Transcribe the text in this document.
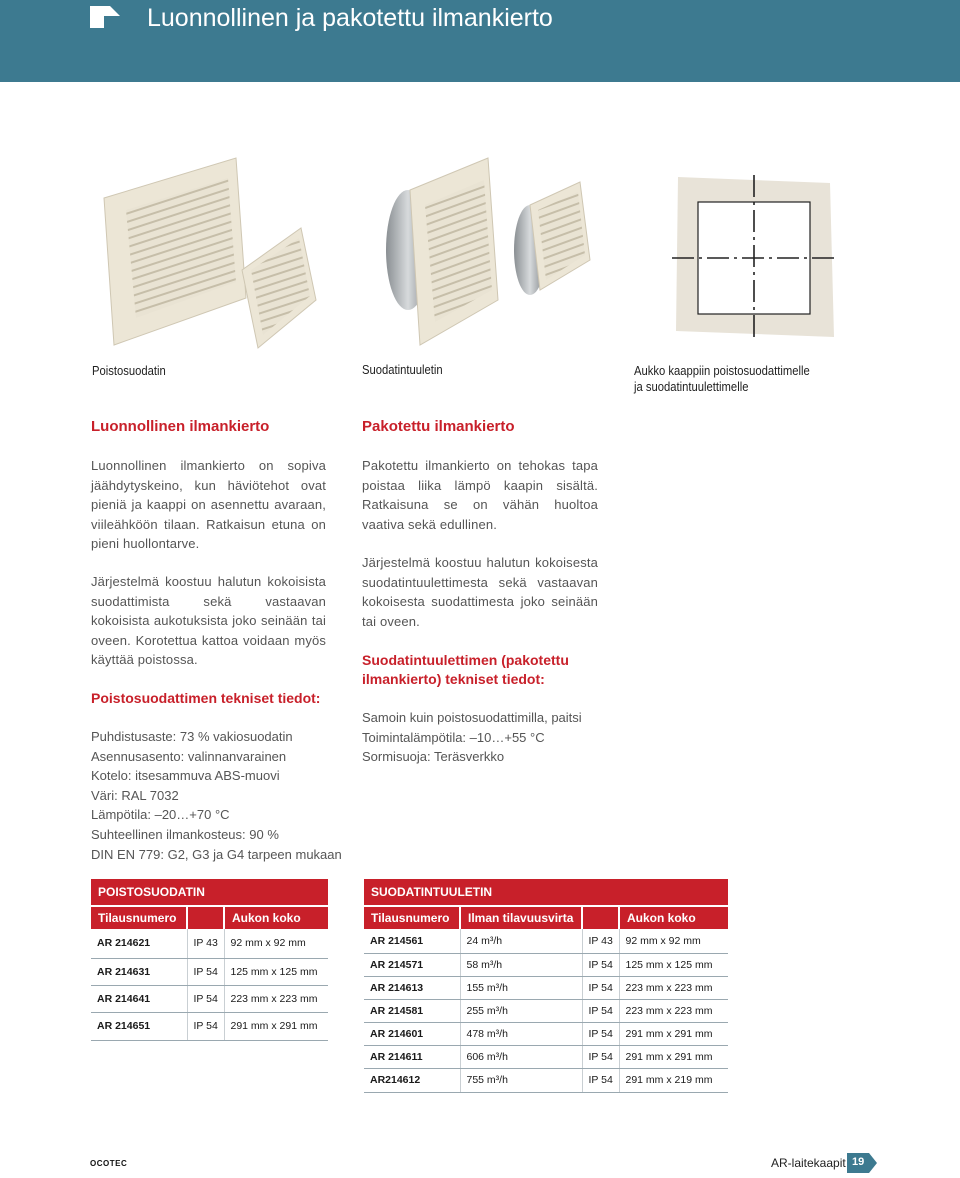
Luonnollinen ja pakotettu ilmankierto
Poistosuodatin	Suodatintuuletin	Aukko kaappiin poistosuodattimelle
ja suodatintuulettimelle
Luonnollinen ilmankierto
Luonnollinen ilmankierto on sopiva jäähdytyskeino, kun häviötehot ovat pieniä ja kaappi on asennettu avaraan, viileähköön tilaan. Ratkaisun etuna on pieni huollontarve.
Järjestelmä koostuu halutun kokoisista suodattimista sekä vastaavan kokoisista aukotuksista joko seinään tai oveen. Korotettua kattoa voidaan myös käyttää poistossa.
Poistosuodattimen tekniset tiedot:
Puhdistusaste: 73 % vakiosuodatin
Asennusasento: valinnanvarainen
Kotelo: itsesammuva ABS-muovi
Väri: RAL 7032
Lämpötila: –20…+70 °C
Suhteellinen ilmankosteus: 90 %
DIN EN 779: G2, G3 ja G4 tarpeen mukaan
Pakotettu ilmankierto
Pakotettu ilmankierto on tehokas tapa poistaa liika lämpö kaapin sisältä. Ratkaisuna se on vähän huoltoa vaativa sekä edullinen.
Järjestelmä koostuu halutun kokoisesta suodatintuulettimesta sekä vastaavan kokoisesta suodattimesta joko seinään tai oveen.
Suodatintuulettimen (pakotettu
ilmankierto) tekniset tiedot:
Samoin kuin poistosuodattimilla, paitsi
Toimintalämpötila: –10…+55 °C
Sormisuoja: Teräsverkko
POISTOSUODATIN		
Tilausnumero		Aukon koko
AR 214621	IP 43	92 mm x 92 mm
AR 214631	IP 54	125 mm x 125 mm
AR 214641	IP 54	223 mm x 223 mm
AR 214651	IP 54	291 mm x 291 mm
SUODATINTUULETIN			
Tilausnumero	Ilman tilavuusvirta		Aukon koko
AR 214561	24 m³/h	IP 43	92 mm x 92 mm
AR 214571	58 m³/h	IP 54	125 mm x 125 mm
AR 214613	155 m³/h	IP 54	223 mm x 223 mm
AR 214581	255 m³/h	IP 54	223 mm x 223 mm
AR 214601	478 m³/h	IP 54	291 mm x 291 mm
AR 214611	606 m³/h	IP 54	291 mm x 291 mm
AR214612	755 m³/h	IP 54	291 mm x 219 mm
OCOTEC	AR-laitekaapit 19
